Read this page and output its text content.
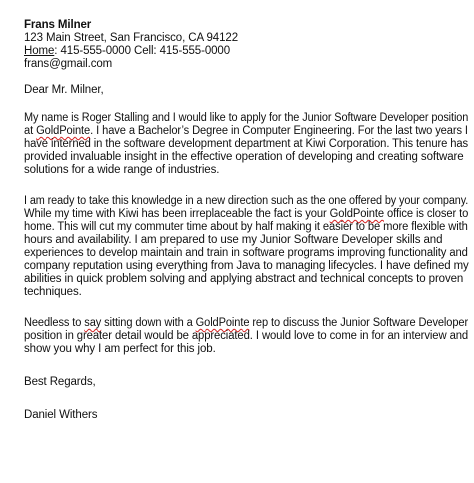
Frans Milner
123 Main Street, San Francisco, CA 94122
Home: 415-555-0000 Cell: 415-555-0000
frans@gmail.com
Dear Mr. Milner,
My name is Roger Stalling and I would like to apply for the Junior Software Developer position
at GoldPointe. I have a Bachelor’s Degree in Computer Engineering. For the last two years I
have interned in the software development department at Kiwi Corporation. This tenure has
provided invaluable insight in the effective operation of developing and creating software
solutions for a wide range of industries.
I am ready to take this knowledge in a new direction such as the one offered by your company.
While my time with Kiwi has been irreplaceable the fact is your GoldPointe office is closer to
home. This will cut my commuter time about by half making it easier to be more flexible with
hours and availability. I am prepared to use my Junior Software Developer skills and
experiences to develop maintain and train in software programs improving functionality and
company reputation using everything from Java to managing lifecycles. I have defined my
abilities in quick problem solving and applying abstract and technical concepts to proven
techniques.
Needless to say sitting down with a GoldPointe rep to discuss the Junior Software Developer
position in greater detail would be appreciated. I would love to come in for an interview and
show you why I am perfect for this job.
Best Regards,
Daniel Withers
